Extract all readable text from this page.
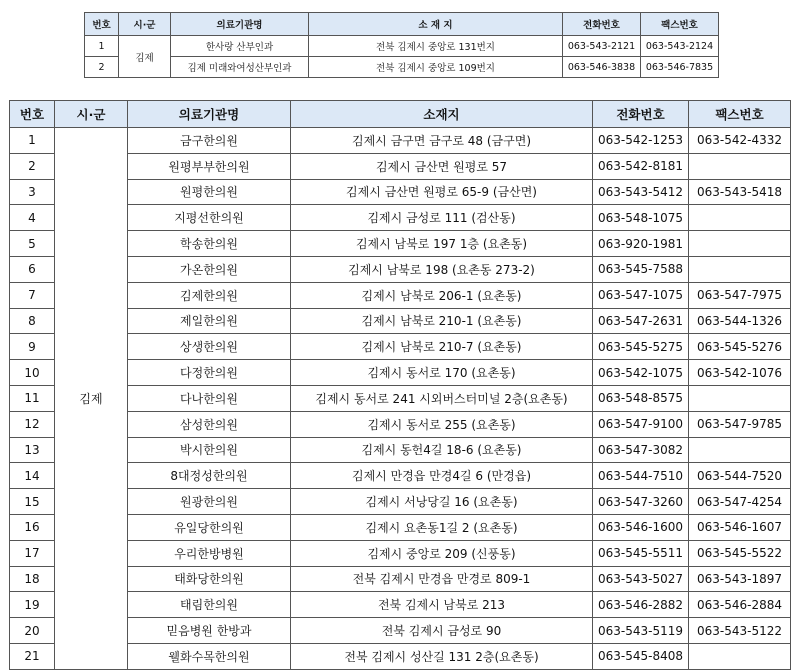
번호	시·군	의료기관명	소 재 지	전화번호	팩스번호
1	김제	한사랑 산부인과	전북 김제시 중앙로 131번지	063-543-2121	063-543-2124
2		김제 미래와여성산부인과	전북 김제시 중앙로 109번지	063-546-3838	063-546-7835
번호	시·군	의료기관명	소재지	전화번호	팩스번호
1	김제	금구한의원	김제시 금구면 금구로 48 (금구면)	063-542-1253	063-542-4332
2		원평부부한의원	김제시 금산면 원평로 57	063-542-8181	
3		원평한의원	김제시 금산면 원평로 65-9 (금산면)	063-543-5412	063-543-5418
4		지평선한의원	김제시 금성로 111 (검산동)	063-548-1075	
5		학송한의원	김제시 남북로 197 1층 (요촌동)	063-920-1981	
6		가온한의원	김제시 남북로 198 (요촌동 273-2)	063-545-7588	
7		김제한의원	김제시 남북로 206-1 (요촌동)	063-547-1075	063-547-7975
8		제일한의원	김제시 남북로 210-1 (요촌동)	063-547-2631	063-544-1326
9		상생한의원	김제시 남북로 210-7 (요촌동)	063-545-5275	063-545-5276
10		다정한의원	김제시 동서로 170 (요촌동)	063-542-1075	063-542-1076
11		다나한의원	김제시 동서로 241 시외버스터미널 2층(요촌동)	063-548-8575	
12		삼성한의원	김제시 동서로 255 (요촌동)	063-547-9100	063-547-9785
13		박시한의원	김제시 동헌4길 18-6 (요촌동)	063-547-3082	
14		8대정성한의원	김제시 만경읍 만경4길 6 (만경읍)	063-544-7510	063-544-7520
15		원광한의원	김제시 서낭당길 16 (요촌동)	063-547-3260	063-547-4254
16		유일당한의원	김제시 요촌동1길 2 (요촌동)	063-546-1600	063-546-1607
17		우리한방병원	김제시 중앙로 209 (신풍동)	063-545-5511	063-545-5522
18		태화당한의원	전북 김제시 만경읍 만경로 809-1	063-543-5027	063-543-1897
19		태림한의원	전북 김제시 남북로 213	063-546-2882	063-546-2884
20		믿음병원 한방과	전북 김제시 금성로 90	063-543-5119	063-543-5122
21		웰화수목한의원	전북 김제시 성산길 131 2층(요촌동)	063-545-8408	
